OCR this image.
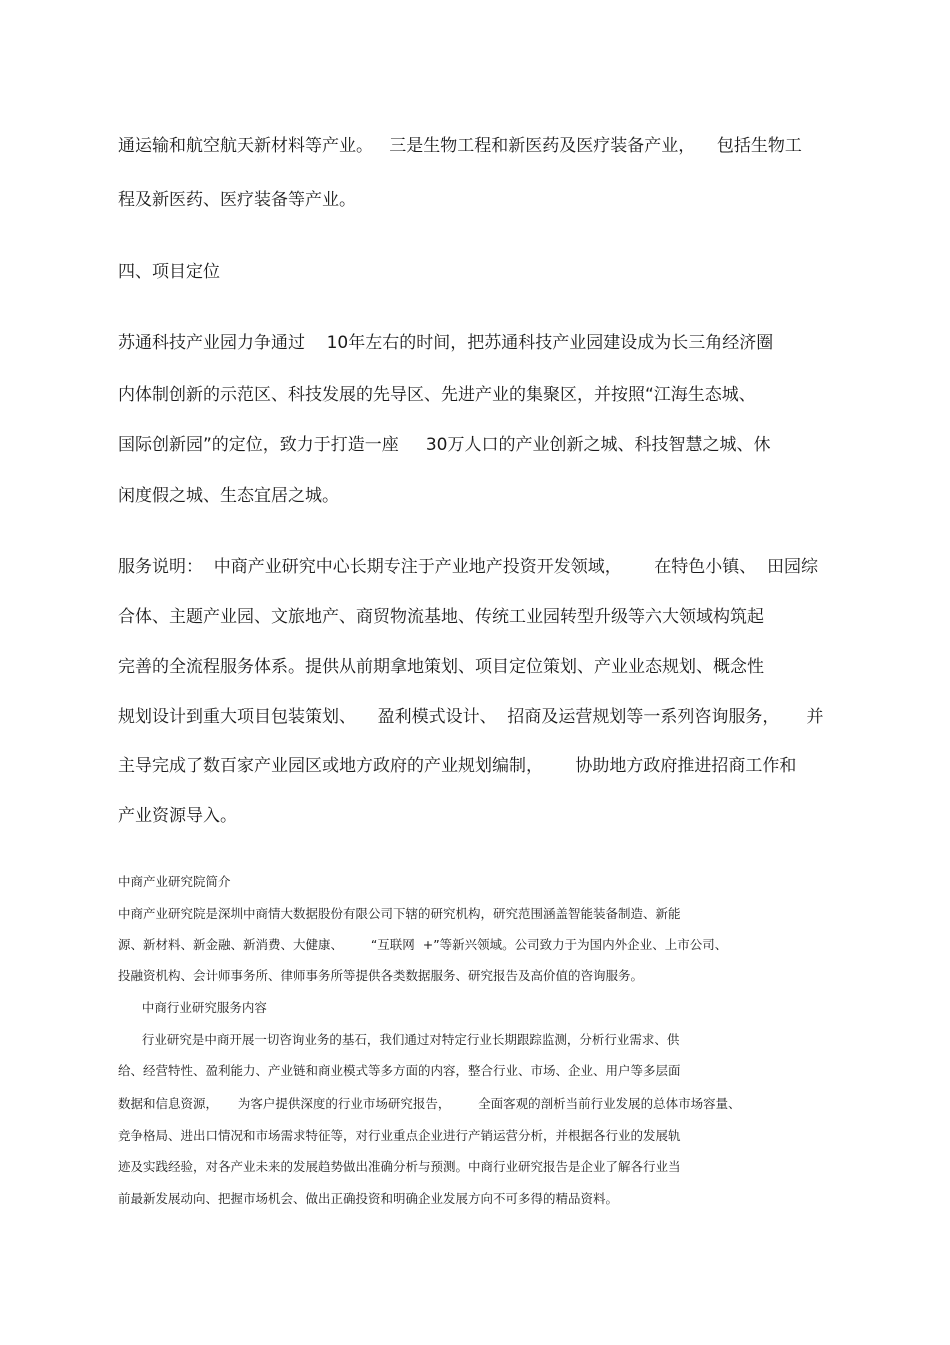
通运输和航空航天新材料等产业。   三是生物工程和新医药及医疗装备产业，    包括生物工
程及新医药、医疗装备等产业。
四、项目定位
苏通科技产业园力争通过    10年左右的时间，把苏通科技产业园建设成为长三角经济圈
内体制创新的示范区、科技发展的先导区、先进产业的集聚区，并按照“江海生态城、
国际创新园”的定位，致力于打造一座     30万人口的产业创新之城、科技智慧之城、休
闲度假之城、生态宜居之城。
服务说明：  中商产业研究中心长期专注于产业地产投资开发领域，      在特色小镇、  田园综
合体、主题产业园、文旅地产、商贸物流基地、传统工业园转型升级等六大领域构筑起
完善的全流程服务体系。提供从前期拿地策划、项目定位策划、产业业态规划、概念性
规划设计到重大项目包装策划、    盈利模式设计、  招商及运营规划等一系列咨询服务，     并
主导完成了数百家产业园区或地方政府的产业规划编制，      协助地方政府推进招商工作和
产业资源导入。
中商产业研究院简介
中商产业研究院是深圳中商情大数据股份有限公司下辖的研究机构，研究范围涵盖智能装备制造、新能
源、新材料、新金融、新消费、大健康、       “互联网  +”等新兴领域。公司致力于为国内外企业、上市公司、
投融资机构、会计师事务所、律师事务所等提供各类数据服务、研究报告及高价值的咨询服务。
中商行业研究服务内容
行业研究是中商开展一切咨询业务的基石，我们通过对特定行业长期跟踪监测，分析行业需求、供
给、经营特性、盈利能力、产业链和商业模式等多方面的内容，整合行业、市场、企业、用户等多层面
数据和信息资源，     为客户提供深度的行业市场研究报告，       全面客观的剖析当前行业发展的总体市场容量、
竞争格局、进出口情况和市场需求特征等，对行业重点企业进行产销运营分析，并根据各行业的发展轨
迹及实践经验，对各产业未来的发展趋势做出准确分析与预测。中商行业研究报告是企业了解各行业当
前最新发展动向、把握市场机会、做出正确投资和明确企业发展方向不可多得的精品资料。
